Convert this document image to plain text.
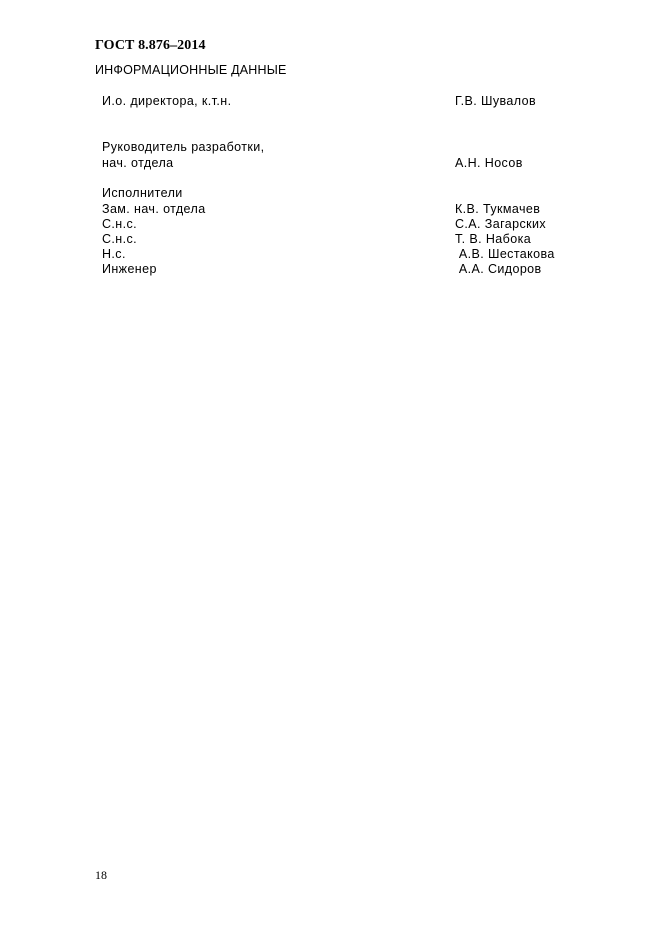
ГОСТ 8.876–2014
ИНФОРМАЦИОННЫЕ ДАННЫЕ
И.о. директора, к.т.н.	Г.В. Шувалов
Руководитель разработки,
нач. отдела	А.Н. Носов
Исполнители
Зам. нач. отдела	К.В. Тукмачев
С.н.с.	С.А. Загарских
С.н.с.	Т. В. Набока
Н.с.	А.В. Шестакова
Инженер	А.А. Сидоров
18
